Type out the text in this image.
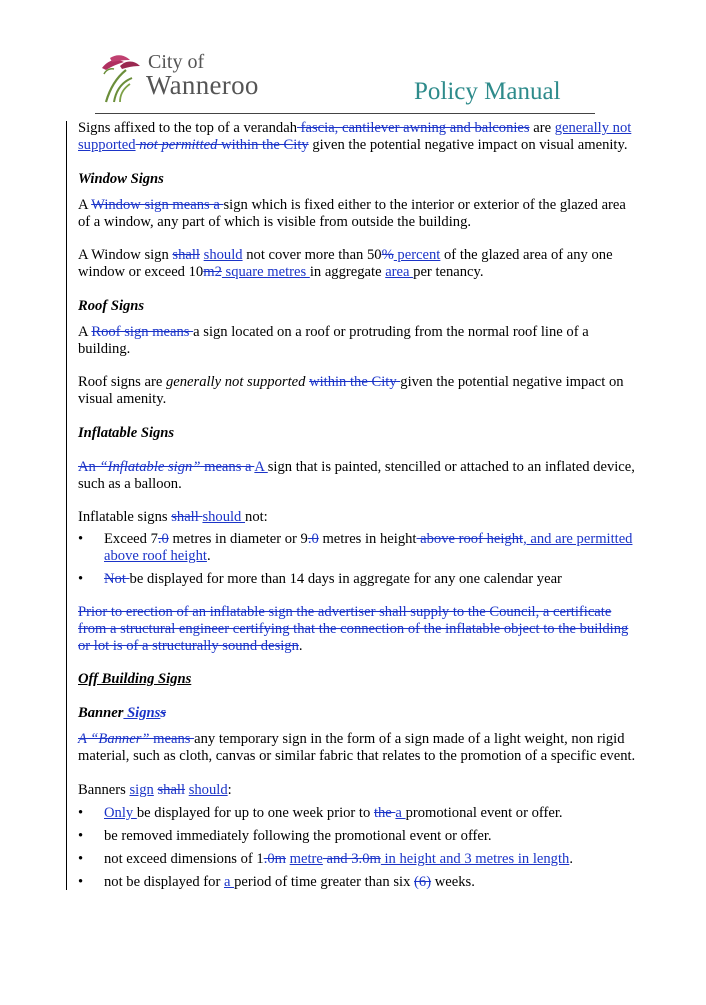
City of
Wanneroo	Policy Manual

Signs affixed to the top of a verandah fascia, cantilever awning and balconies are generally not supported not permitted within the City given the potential negative impact on visual amenity.

Window Signs

A Window sign means a sign which is fixed either to the interior or exterior of the glazed area of a window, any part of which is visible from outside the building.

A Window sign shall should not cover more than 50% percent of the glazed area of any one window or exceed 10m2 square metres in aggregate area per tenancy.

Roof Signs

A Roof sign means a sign located on a roof or protruding from the normal roof line of a building.

Roof signs are generally not supported within the City given the potential negative impact on visual amenity.

Inflatable Signs

An “Inflatable sign” means a A sign that is painted, stencilled or attached to an inflated device, such as a balloon.

Inflatable signs shall should not:

• Exceed 7.0 metres in diameter or 9.0 metres in height above roof height, and are permitted above roof height.
• Not be displayed for more than 14 days in aggregate for any one calendar year

Prior to erection of an inflatable sign the advertiser shall supply to the Council, a certificate from a structural engineer certifying that the connection of the inflatable object to the building or lot is of a structurally sound design.

Off Building Signs
Banner Signss

A “Banner” means any temporary sign in the form of a sign made of a light weight, non rigid material, such as cloth, canvas or similar fabric that relates to the promotion of a specific event.

Banners sign shall should:

• Only be displayed for up to one week prior to the a promotional event or offer.
• be removed immediately following the promotional event or offer.
• not exceed dimensions of 1.0m metre and 3.0m in height and 3 metres in length.
• not be displayed for a period of time greater than six (6) weeks.
